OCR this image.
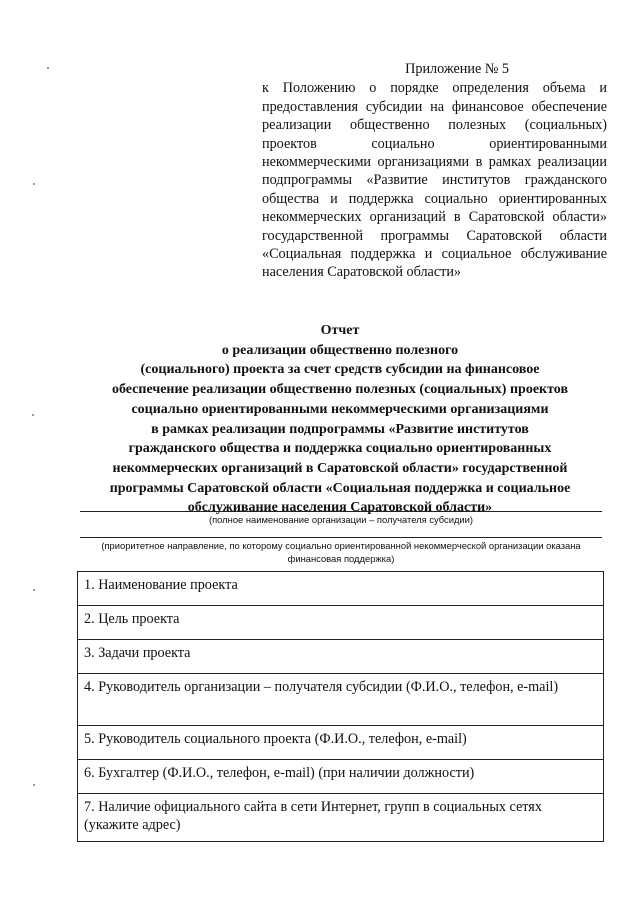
Приложение № 5
к Положению о порядке определения объема и предоставления субсидии на финансовое обеспечение реализации общественно полезных (социальных) проектов социально ориентированными некоммерческими организациями в рамках реализации подпрограммы «Развитие институтов гражданского общества и поддержка социально ориентированных некоммерческих организаций в Саратовской области» государственной программы Саратовской области «Социальная поддержка и социальное обслуживание населения Саратовской области»
Отчет
о реализации общественно полезного
(социального) проекта за счет средств субсидии на финансовое
обеспечение реализации общественно полезных (социальных) проектов
социально ориентированными некоммерческими организациями
в рамках реализации подпрограммы «Развитие институтов
гражданского общества и поддержка социально ориентированных
некоммерческих организаций в Саратовской области» государственной
программы Саратовской области «Социальная поддержка и социальное
обслуживание населения Саратовской области»
(полное наименование организации – получателя субсидии)
(приоритетное направление, по которому социально ориентированной некоммерческой организации оказана финансовая поддержка)
1. Наименование проекта
2. Цель проекта
3. Задачи проекта
4. Руководитель организации – получателя субсидии (Ф.И.О., телефон, e-mail)
5. Руководитель социального проекта (Ф.И.О., телефон, e-mail)
6. Бухгалтер (Ф.И.О., телефон, e-mail) (при наличии должности)
7. Наличие официального сайта в сети Интернет, групп в социальных сетях (укажите адрес)
